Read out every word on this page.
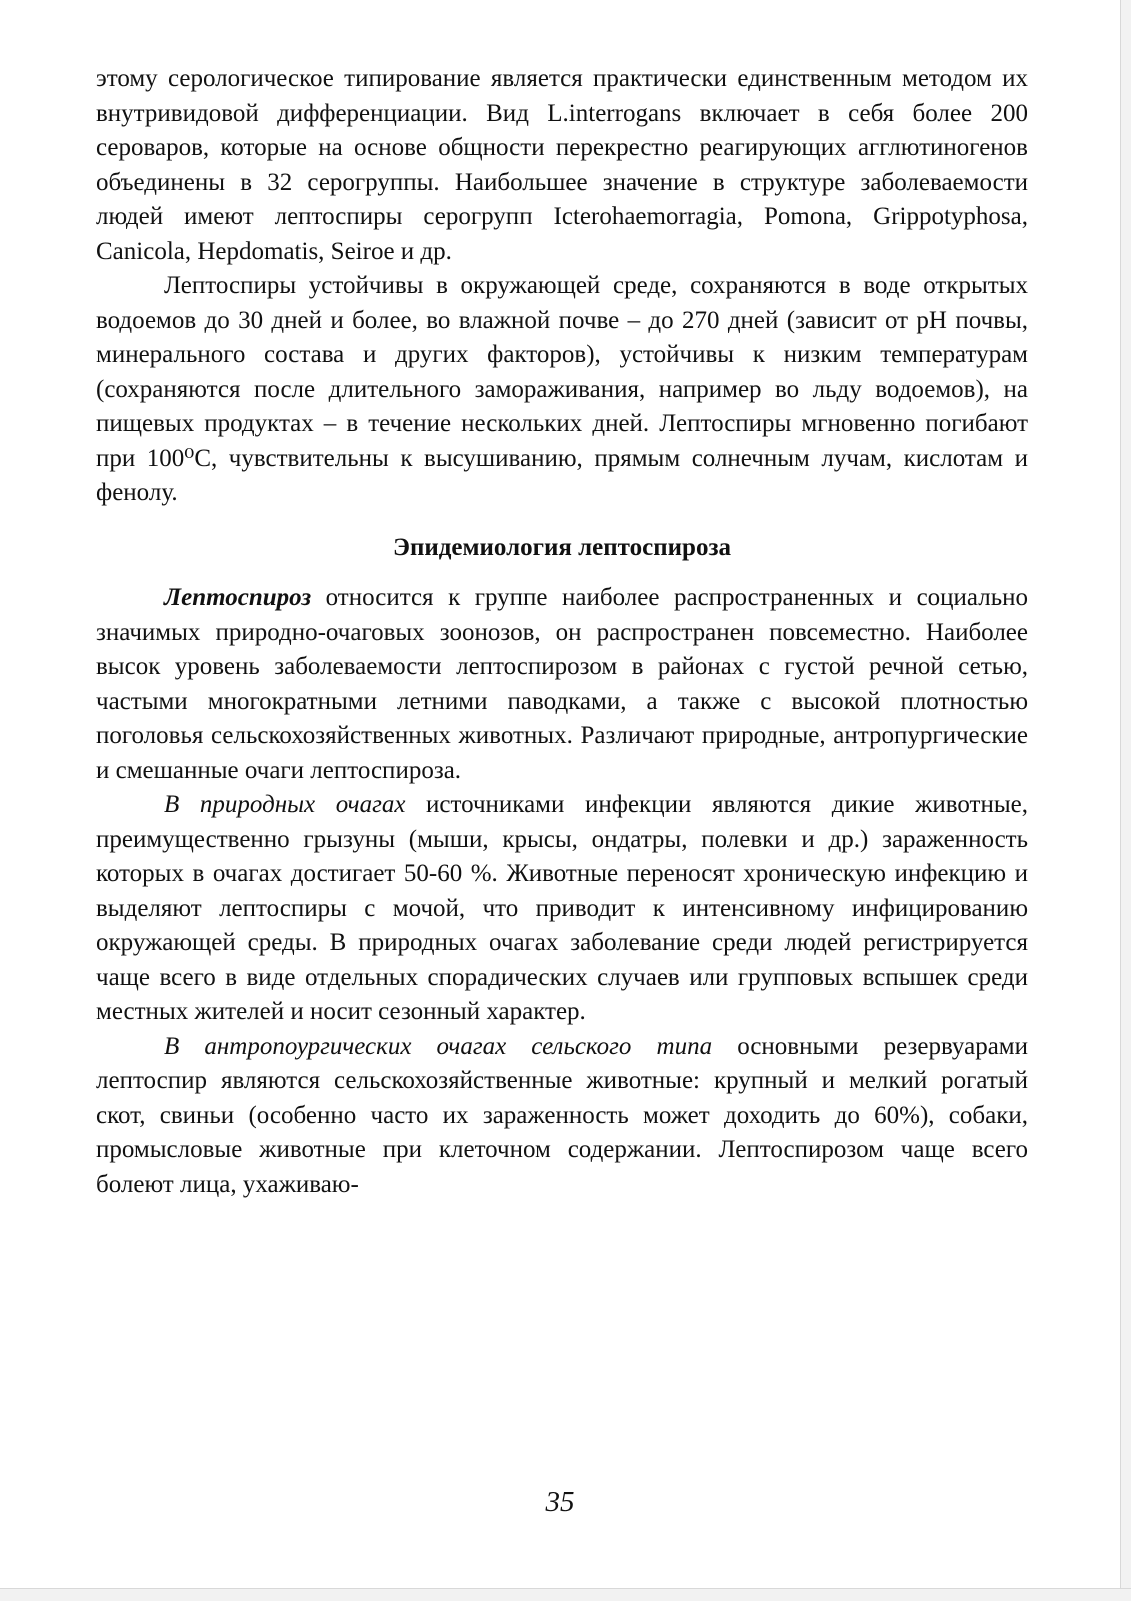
этому серологическое типирование является практически единственным методом их внутривидовой дифференциации. Вид L.interrogans включает в себя более 200 сероваров, которые на основе общности перекрестно реагирующих агглютиногенов объединены в 32 серогруппы. Наибольшее значение в структуре заболеваемости людей имеют лептоспиры серогрупп Icterohaemorragia, Pomona, Grippotyphosa, Canicola, Hepdomatis, Seiroe и др.

Лептоспиры устойчивы в окружающей среде, сохраняются в воде открытых водоемов до 30 дней и более, во влажной почве – до 270 дней (зависит от pH почвы, минерального состава и других факторов), устойчивы к низким температурам (сохраняются после длительного замораживания, например во льду водоемов), на пищевых продуктах – в течение нескольких дней. Лептоспиры мгновенно погибают при 100⁰С, чувствительны к высушиванию, прямым солнечным лучам, кислотам и фенолу.

Эпидемиология лептоспироза

Лептоспироз относится к группе наиболее распространенных и социально значимых природно-очаговых зоонозов, он распространен повсеместно. Наиболее высок уровень заболеваемости лептоспирозом в районах с густой речной сетью, частыми многократными летними паводками, а также с высокой плотностью поголовья сельскохозяйственных животных. Различают природные, антропургические и смешанные очаги лептоспироза.

В природных очагах источниками инфекции являются дикие животные, преимущественно грызуны (мыши, крысы, ондатры, полевки и др.) зараженность которых в очагах достигает 50-60 %. Животные переносят хроническую инфекцию и выделяют лептоспиры с мочой, что приводит к интенсивному инфицированию окружающей среды. В природных очагах заболевание среди людей регистрируется чаще всего в виде отдельных спорадических случаев или групповых вспышек среди местных жителей и носит сезонный характер.

В антропоургических очагах сельского типа основными резервуарами лептоспир являются сельскохозяйственные животные: крупный и мелкий рогатый скот, свиньи (особенно часто их зараженность может доходить до 60%), собаки, промысловые животные при клеточном содержании. Лептоспирозом чаще всего болеют лица, ухаживаю-

35
